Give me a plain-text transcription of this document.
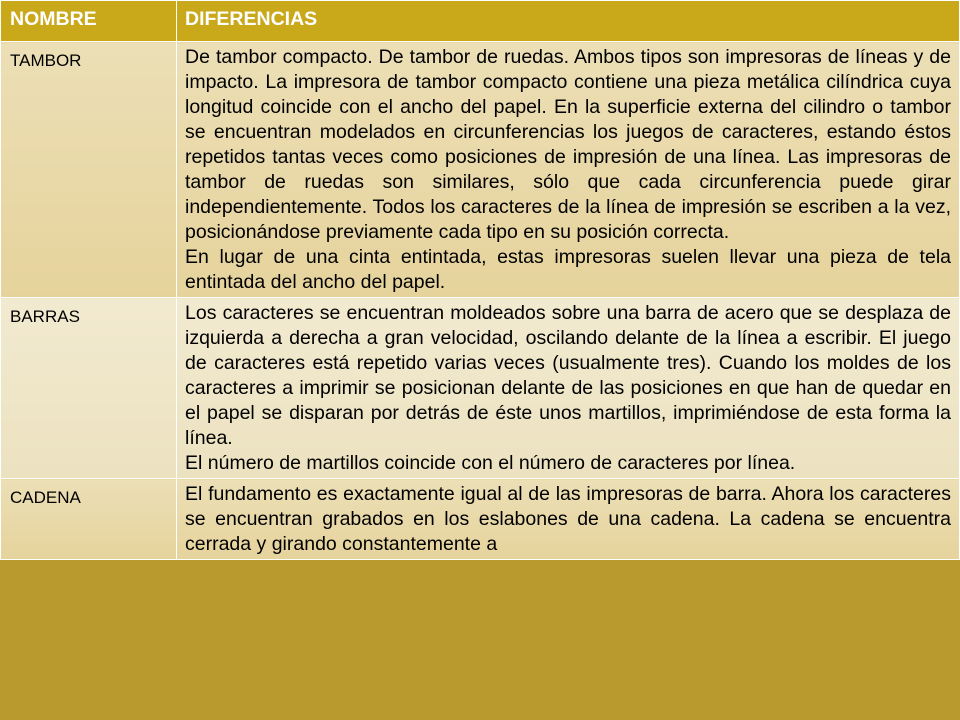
NOMBRE	DIFERENCIAS
TAMBOR	De tambor compacto. De tambor de ruedas. Ambos tipos son impresoras de líneas y de impacto. La impresora de tambor compacto contiene una pieza metálica cilíndrica cuya longitud coincide con el ancho del papel. En la superficie externa del cilindro o tambor se encuentran modelados en circunferencias los juegos de caracteres, estando éstos repetidos tantas veces como posiciones de impresión de una línea. Las impresoras de tambor de ruedas son similares, sólo que cada circunferencia puede girar independientemente. Todos los caracteres de la línea de impresión se escriben a la vez, posicionándose previamente cada tipo en su posición correcta.
En lugar de una cinta entintada, estas impresoras suelen llevar una pieza de tela entintada del ancho del papel.

BARRAS	Los caracteres se encuentran moldeados sobre una barra de acero que se desplaza de izquierda a derecha a gran velocidad, oscilando delante de la línea a escribir. El juego de caracteres está repetido varias veces (usualmente tres). Cuando los moldes de los caracteres a imprimir se posicionan delante de las posiciones en que han de quedar en el papel se disparan por detrás de éste unos martillos, imprimiéndose de esta forma la línea.
El número de martillos coincide con el número de caracteres por línea.

CADENA	El fundamento es exactamente igual al de las impresoras de barra. Ahora los caracteres se encuentran grabados en los eslabones de una cadena. La cadena se encuentra cerrada y girando constantemente a
